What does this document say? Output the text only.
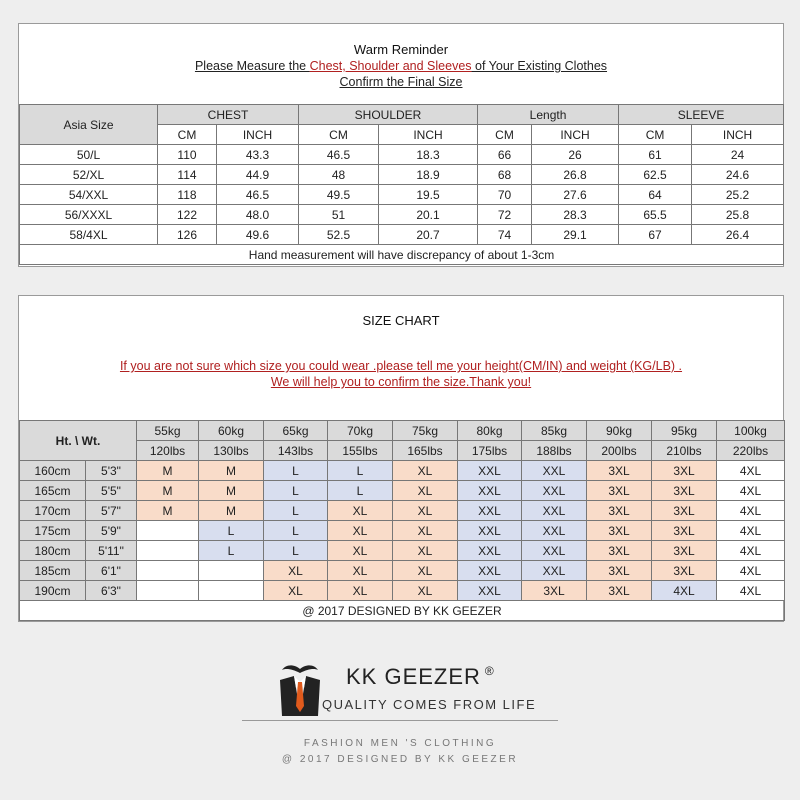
Warm Reminder
Please Measure the Chest, Shoulder and Sleeves of Your Existing Clothes
Confirm the Final Size
Asia Size	CHEST		SHOULDER		Length		SLEEVE	
	CM	INCH	CM	INCH	CM	INCH	CM	INCH
50/L	110	43.3	46.5	18.3	66	26	61	24
52/XL	114	44.9	48	18.9	68	26.8	62.5	24.6
54/XXL	118	46.5	49.5	19.5	70	27.6	64	25.2
56/XXXL	122	48.0	51	20.1	72	28.3	65.5	25.8
58/4XL	126	49.6	52.5	20.7	74	29.1	67	26.4
Hand measurement will have discrepancy of about 1-3cm								
SIZE CHART
If you are not sure which size you could wear .please tell me your height(CM/IN) and weight (KG/LB) .
We will help you to confirm the size.Thank you!
Ht. \ Wt.		55kg	60kg	65kg	70kg	75kg	80kg	85kg	90kg	95kg	100kg
		120lbs	130lbs	143lbs	155lbs	165lbs	175lbs	188lbs	200lbs	210lbs	220lbs
160cm	5'3"	M	M	L	L	XL	XXL	XXL	3XL	3XL	4XL
165cm	5'5"	M	M	L	L	XL	XXL	XXL	3XL	3XL	4XL
170cm	5'7"	M	M	L	XL	XL	XXL	XXL	3XL	3XL	4XL
175cm	5'9"		L	L	XL	XL	XXL	XXL	3XL	3XL	4XL
180cm	5'11"		L	L	XL	XL	XXL	XXL	3XL	3XL	4XL
185cm	6'1"			XL	XL	XL	XXL	XXL	3XL	3XL	4XL
190cm	6'3"			XL	XL	XL	XXL	3XL	3XL	4XL	4XL
@ 2017 DESIGNED BY KK GEEZER											
KK GEEZER ®
QUALITY COMES FROM LIFE
FASHION MEN 'S CLOTHING
@ 2017 DESIGNED BY KK GEEZER
